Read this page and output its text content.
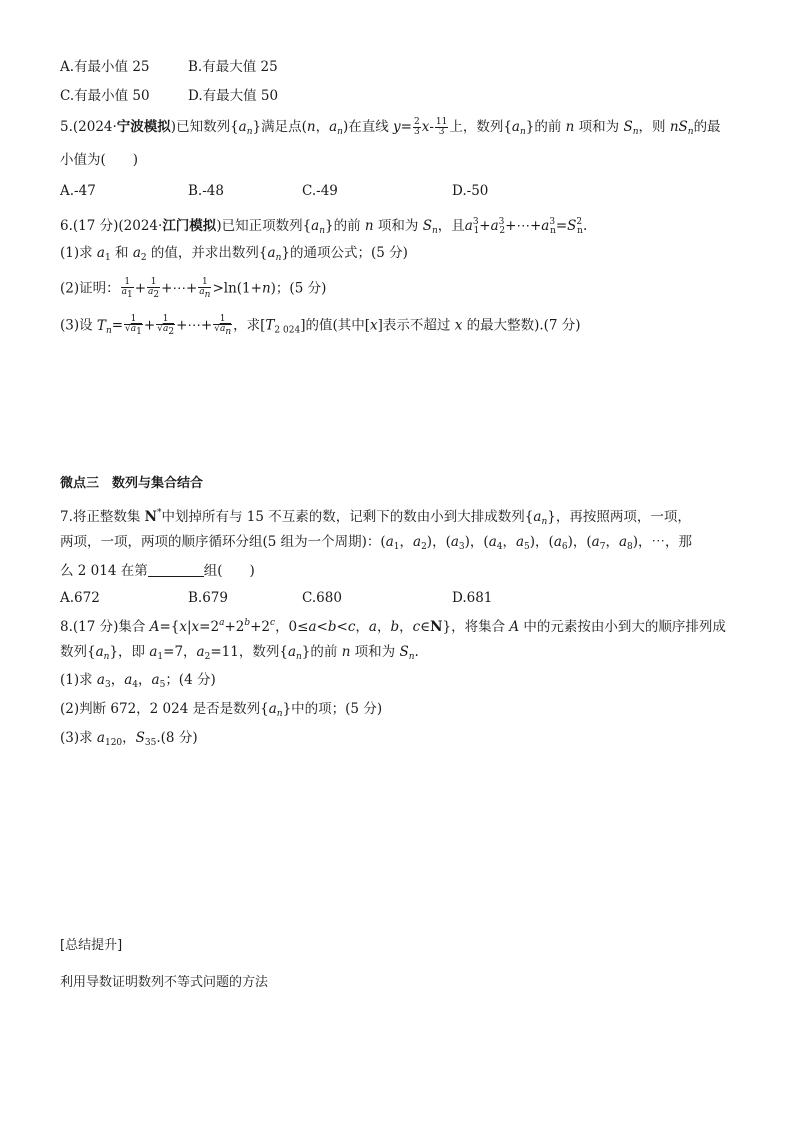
A.有最小值 25	B.有最大值 25
C.有最小值 50	D.有最大值 50
5.(2024·宁波模拟)已知数列$\{a_n\}$满足点(n，$a_n$)在直线 $y= \frac{2}{3} x- \frac{11}{3}$ 上，数列$\{a_n\}$的前 n 项和为 $S_n$，则 $nS_n$的最
小值为(　　)
A.-47	B.-48	C.-49	D.-50
6.(17 分)(2024·江门模拟)已知正项数列$\{a_n\}$的前 n 项和为 $S_n$，且$a^3_1+a^3_2+\cdots+a^3_n=S^2_n$.
(1)求 $a_1$ 和 $a_2$ 的值，并求出数列$\{a_n\}$的通项公式；(5 分)
(2)证明： $\frac{1}{a_1} + \frac{1}{a_2}$ +⋯+ $\frac{1}{a_n} >\ln(1+n)$；(5 分)
(3)设 $T_n= \frac{1}{√a_1} + \frac{1}{√a_2}$ +⋯+ $\frac{1}{√a_n}$ ，求$[T_{2 024}]$的值(其中[x]表示不超过 x 的最大整数).(7 分)
微点三　数列与集合结合
7.将正整数集 N*中划掉所有与 15 不互素的数，记剩下的数由小到大排成数列$\{a_n\}$，再按照两项，一项，
两项，一项，两项的顺序循环分组(5 组为一个周期)：($a_1$，$a_2$)，$(a_3)$，($a_4$，$a_5$)，$(a_6)$，($a_7$，$a_8$)，⋯，那
么 2 014 在第	组(　　)
A.672	B.679	C.680	D.681
8.(17 分)集合 $A=\{x|x=2^a+2^b+2^c$，0≤a<b<c，a，b，c∈N}，将集合 A 中的元素按由小到大的顺序排列成
数列$\{a_n\}$，即 $a_1=7$，$a_2=11$，数列$\{a_n\}$的前 n 项和为 $S_n$.
(1)求 $a_3$，$a_4$，$a_5$；(4 分)
(2)判断 672，2 024 是否是数列$\{a_n\}$中的项；(5 分)
(3)求 $a_{120}$，$S_{35}.(8$ 分)
[总结提升]
利用导数证明数列不等式问题的方法
